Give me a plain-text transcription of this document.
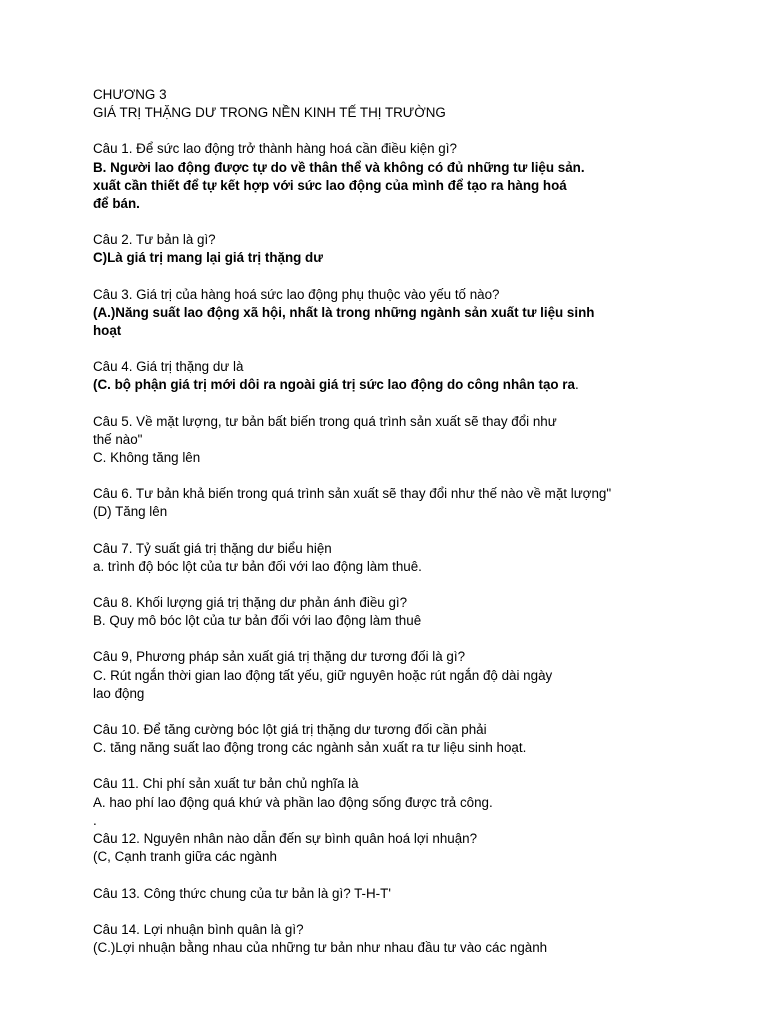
CHƯƠNG 3
GIÁ TRỊ THẶNG DƯ TRONG NỀN KINH TẾ THỊ TRƯỜNG
Câu 1. Để sức lao động trở thành hàng hoá cần điều kiện gì?
B. Người lao động được tự do về thân thể và không có đủ những tư liệu sản.
xuất cần thiết để tự kết hợp với sức lao động của mình để tạo ra hàng hoá
để bán.
Câu 2. Tư bản là gì?
C)Là giá trị mang lại giá trị thặng dư
Câu 3. Giá trị của hàng hoá sức lao động phụ thuộc vào yếu tố nào?
(A.)Năng suất lao động xã hội, nhất là trong những ngành sản xuất tư liệu sinh
hoạt
Câu 4. Giá trị thặng dư là
(C. bộ phận giá trị mới dôi ra ngoài giá trị sức lao động do công nhân tạo ra.
Câu 5. Về mặt lượng, tư bản bất biến trong quá trình sản xuất sẽ thay đổi như
thế nào"
C. Không tăng lên
Câu 6. Tư bản khả biến trong quá trình sản xuất sẽ thay đổi như thế nào về mặt lượng"
(D) Tăng lên
Câu 7. Tỷ suất giá trị thặng dư biểu hiện
a. trình độ bóc lột của tư bản đối với lao động làm thuê.
Câu 8. Khối lượng giá trị thặng dư phản ánh điều gì?
B. Quy mô bóc lột của tư bản đối với lao động làm thuê
Câu 9, Phương pháp sản xuất giá trị thặng dư tương đối là gì?
C. Rút ngắn thời gian lao động tất yếu, giữ nguyên hoặc rút ngắn độ dài ngày
lao động
Câu 10. Để tăng cường bóc lột giá trị thặng dư tương đối cần phải
C. tăng năng suất lao động trong các ngành sản xuất ra tư liệu sinh hoạt.
Câu 11. Chi phí sản xuất tư bản chủ nghĩa là
A. hao phí lao động quá khứ và phần lao động sống được trả công.
.
Câu 12. Nguyên nhân nào dẫn đến sự bình quân hoá lợi nhuận?
(C, Cạnh tranh giữa các ngành
Câu 13. Công thức chung của tư bản là gì? T-H-T'
Câu 14. Lợi nhuận bình quân là gì?
(C.)Lợi nhuận bằng nhau của những tư bản như nhau đầu tư vào các ngành
